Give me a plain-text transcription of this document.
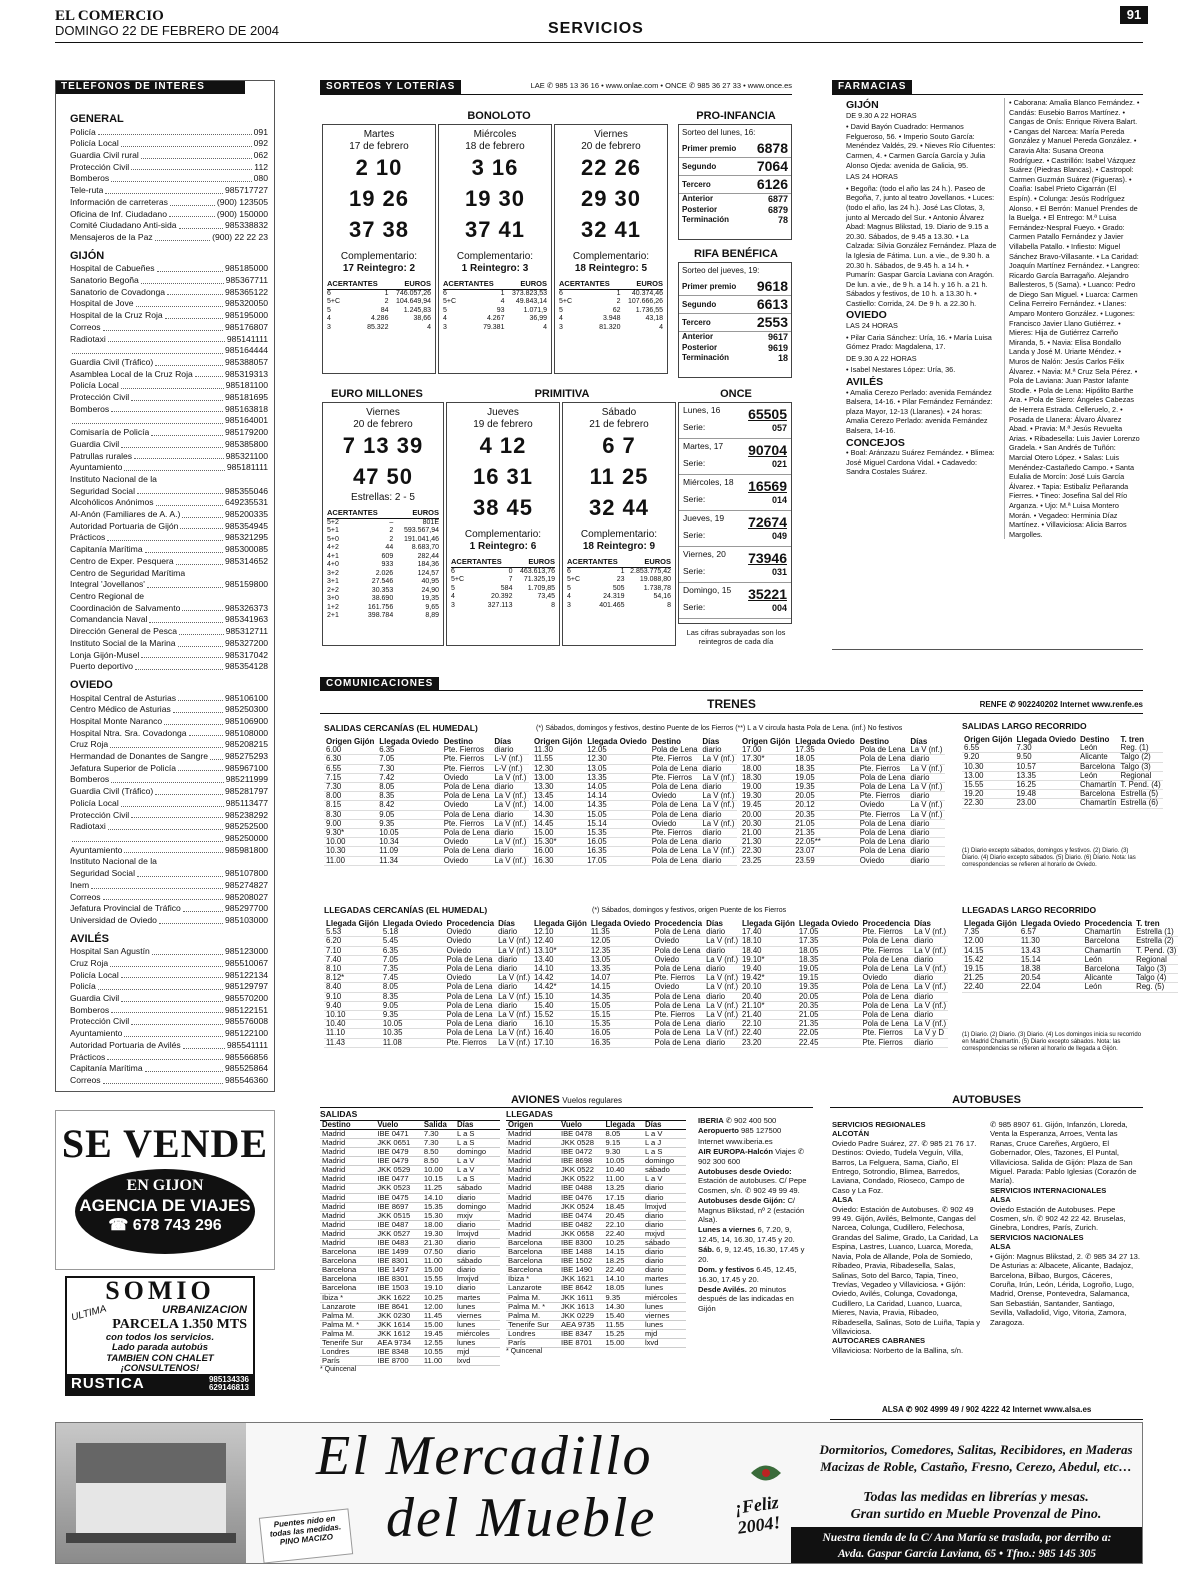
EL COMERCIO
DOMINGO 22 DE FEBRERO DE 2004	SERVICIOS
91
TELÉFONOS DE INTERÉS
GENERAL
Policía	091
Policía Local	092
Guardia Civil rural	062
Protección Civil	112
Bomberos	080
Tele-ruta	985717727
Información de carreteras	(900) 123505
Oficina de Inf. Ciudadano	(900) 150000
Comité Ciudadano Anti-sida	985338832
Mensajeros de la Paz	(900) 22 22 23
GIJÓN
Hospital de Cabueñes	985185000
Sanatorio Begoña	985367711
Sanatorio de Covadonga	985365122
Hospital de Jove	985320050
Hospital de la Cruz Roja	985195000
Correos	985176807
Radiotaxi	985141111
985164444
Guardia Civil (Tráfico)	985388057
Asamblea Local de la Cruz Roja	985319313
Policía Local	985181100
Protección Civil	985181695
Bomberos	985163818
985164001
Comisaría de Policía	985179200
Guardia Civil	985385800
Patrullas rurales	985321100
Ayuntamiento	985181111
Instituto Nacional de la
Seguridad Social	985355046
Alcohólicos Anónimos	649235531
Al-Anón (Familiares de A. A.)	985200335
Autoridad Portuaria de Gijón	985354945
Prácticos	985321295
Capitanía Marítima	985300085
Centro de Exper. Pesquera	985314652
Centro de Seguridad Marítima
Integral 'Jovellanos'	985159800
Centro Regional de
Coordinación de Salvamento	985326373
Comandancia Naval	985341963
Dirección General de Pesca	985312711
Instituto Social de la Marina	985327200
Lonja Gijón-Musel	985317042
Puerto deportivo	985354128
OVIEDO
Hospital Central de Asturias	985106100
Centro Médico de Asturias	985250300
Hospital Monte Naranco	985106900
Hospital Ntra. Sra. Covadonga	985108000
Cruz Roja	985208215
Hermandad de Donantes de Sangre 985275293
Jefatura Superior de Policía	985967100
Bomberos	985211999
Guardia Civil (Tráfico)	985281797
Policía Local	985113477
Protección Civil	985238292
Radiotaxi	985252500
985250000
Ayuntamiento	985981800
Instituto Nacional de la
Seguridad Social	985107800
Inem	985274827
Correos	985208027
Jefatura Provincial de Tráfico	985297700
Universidad de Oviedo	985103000
AVILÉS
Hospital San Agustín	985123000
Cruz Roja	985510067
Policía Local	985122134
Policía	985129797
Guardia Civil	985570200
Bomberos	985122151
Protección Civil	985576008
Ayuntamiento	985122100
Autoridad Portuaria de Avilés	985541111
Prácticos	985566856
Capitanía Marítima	985525864
Correos	985546360
SORTEOS Y LOTERÍAS	LAE ✆ 985 13 36 16 • www.onlae.com • ONCE ✆ 985 36 27 33 • www.once.es
BONOLOTO
Martes
17 de febrero
2 10
19 26
37 38
Complementario:
17 Reintegro: 2
ACERTANTES		EUROS
6	1	746.057,26
5+C	2	104.649,94
5	84	1.245,83
4	4.286	38,66
3	85.322	4
Miércoles
18 de febrero
3 16
19 30
37 41
Complementario:
1 Reintegro: 3
ACERTANTES		EUROS
6	1	373.823,53
5+C	4	49.843,14
5	93	1.071,9
4	4.267	36,99
3	79.381	4
Viernes
20 de febrero
22 26
29 30
32 41
Complementario:
18 Reintegro: 5
ACERTANTES		EUROS
6	1	40.374,46
5+C	2	107.666,26
5	62	1.736,55
4	3.948	43,18
3	81.320	4
PRO-INFANCIA
Sorteo del lunes, 16:
Primer premio 6878
Segundo	7064
Tercero	6126
Anterior	6877
Posterior	6879
Terminación	78
RIFA BENÉFICA
Sorteo del jueves, 19:
Primer premio 9618
Segundo	6613
Tercero	2553
Anterior	9617
Posterior	9619
Terminación	18
EURO MILLONES
Viernes
20 de febrero
7 13 39
47 50
Estrellas: 2 - 5
ACERTANTES		EUROS
5+2	–	801E
5+1	2	593.567,94
5+0	2	191.041,46
4+2	44	8.683,70
4+1	609	282,44
4+0	933	184,36
3+2	2.026	124,57
3+1	27.546	40,95
2+2	30.353	24,90
3+0	38.690	19,35
1+2	161.756	9,65
2+1	398.784	8,89
PRIMITIVA
Jueves
19 de febrero
4 12
16 31
38 45
Complementario:
1 Reintegro: 6
ACERTANTES		EUROS
6	0	463.613,76
5+C	7	71.325,19
5	584	1.709,85
4	20.392	73,45
3	327.113	8
Sábado
21 de febrero
6 7
11 25
32 44
Complementario:
18 Reintegro: 9
ACERTANTES		EUROS
6	1	2.853.775,42
5+C	23	19.088,80
5	505	1.738,78
4	24.319	54,16
3	401.465	8
ONCE
Lunes, 16 65505
Serie:	057
Martes, 17 90704
Serie:	021
Miércoles, 18 16569
Serie:	014
Jueves, 19 72674
Serie:	049
Viernes, 20 73946
Serie:	031
Domingo, 15 35221
Serie:	004
Las cifras subrayadas son los reintegros de cada día
FARMACIAS
GIJÓN
DE 9.30 A 22 HORAS
• David Bayón Cuadrado: Hermanos Felgueroso, 56. • Imperio Souto García: Menéndez Valdés, 29. • Nieves Río Cifuentes: Carmen, 4. • Carmen García García y Julia Alonso Ojeda: avenida de Galicia, 95.
LAS 24 HORAS
• Begoña: (todo el año las 24 h.). Paseo de Begoña, 7, junto al teatro Jovellanos. • Luces: (todo el año, las 24 h.). José Las Clotas, 3, junto al Mercado del Sur. • Antonio Álvarez Abad: Magnus Blikstad, 19. Diario de 9.15 a 20.30. Sábados, de 9.45 a 13.30. • La Calzada: Silvia González Fernández. Plaza de la Iglesia de Fátima. Lun. a vie., de 9.30 h. a 20.30 h. Sábados, de 9.45 h. a 14 h. • Pumarín: Gaspar García Laviana con Aragón. De lun. a vie., de 9 h. a 14 h. y 16 h. a 21 h. Sábados y festivos, de 10 h. a 13.30 h. • Castiello: Corrida, 24. De 9 h. a 22.30 h.
OVIEDO
LAS 24 HORAS
• Pilar Caria Sánchez: Uría, 16. • María Luisa Gómez Prado: Magdalena, 17.
DE 9.30 A 22 HORAS
• Isabel Nestares López: Uría, 36.
AVILÉS
• Amalia Cerezo Perlado: avenida Fernández Balsera, 14-16. • Pilar Fernández Fernández: plaza Mayor, 12-13 (Llaranes). • 24 horas: Amalia Cerezo Perlado: avenida Fernández Balsera, 14-16.
CONCEJOS
• Boal: Aránzazu Suárez Fernández. • Blimea: José Miguel Cardona Vidal. • Cadavedo: Sandra Costales Suárez.
• Caborana: Amalia Blanco Fernández. • Candás: Eusebio Barros Martínez. • Cangas de Onís: Enrique Rivera Balart. • Cangas del Narcea: María Pereda González y Manuel Pereda González. • Caravia Alta: Susana Oreona Rodríguez. • Castrillón: Isabel Vázquez Suárez (Piedras Blancas). • Castropol: Carmen Guzmán Suárez (Figueras). • Coaña: Isabel Prieto Cigarrán (El Espín). • Colunga: Jesús Rodríguez Alonso. • El Berrón: Manuel Prendes de la Buelga. • El Entrego: M.ª Luisa Fernández-Nespral Fueyo. • Grado: Carmen Patallo Fernández y Javier Villabella Patallo. • Infiesto: Miguel Sánchez Bravo-Villasante. • La Caridad: Joaquín Martínez Fernández. • Langreo: Ricardo García Barragaño. Alejandro Ballesteros, 5 (Sama). • Luanco: Pedro de Diego San Miguel. • Luarca: Carmen Celina Ferreiro Fernández. • Llanes: Amparo Montero González. • Lugones: Francisco Javier Llano Gutiérrez. • Mieres: Hija de Gutiérrez Carreño Miranda, 5. • Navia: Elisa Bondallo Landa y José M. Uriarte Méndez. • Muros de Nalón: Jesús Carlos Félix Álvarez. • Navia: M.ª Cruz Sela Pérez. • Pola de Laviana: Juan Pastor Iafante Stodle. • Pola de Lena: Hipólito Barthe Ara. • Pola de Siero: Ángeles Cabezas de Herrera Estrada. Celleruelo, 2. • Posada de Llanera: Álvaro Álvarez Abad. • Pravia: M.ª Jesús Revuelta Arias. • Ribadesella: Luis Javier Lorenzo Gradela. • San Andrés de Tuñón: Marcial Otero López. • Salas: Luis Menéndez-Castañedo Campo. • Santa Eulalia de Morcín: José Luis García Álvarez. • Tapia: Estibaliz Peñaranda Fierres. • Tineo: Josefina Sal del Río Arganza. • Ujo: M.ª Luisa Montero Morán. • Vegadeo: Herminia Díaz Martínez. • Villaviciosa: Alicia Barros Margolles.
COMUNICACIONES
TRENES	RENFE ✆ 902240202 Internet www.renfe.es
SALIDAS CERCANÍAS (EL HUMEDAL)	(*) Sábados, domingos y festivos, destino Puente de los Fierros (**) L a V circula hasta Pola de Lena. (inf.) No festivos
Origen Gijón	Llegada Oviedo	Destino	Días
6.00	6.35	Pte. Fierros	diario
6.30	7.05	Pte. Fierros	L-V (nf.)
6.55	7.30	Pte. Fierros	L-V (nf.)
7.15	7.42	Oviedo	La V (nf.)
7.30	8.05	Pola de Lena	diario
8.00	8.35	Pola de Lena	La V (nf.)
8.15	8.42	Oviedo	La V (nf.)
8.30	9.05	Pola de Lena	diario
9.00	9.35	Pte. Fierros	La V (nf.)
9.30*	10.05	Pola de Lena	diario
10.00	10.34	Oviedo	La V (nf.)
10.30	11.09	Pola de Lena	diario
11.00	11.34	Oviedo	La V (nf.)
Origen Gijón	Llegada Oviedo	Destino	Días
11.30	12.05	Pola de Lena	diario
11.55	12.30	Pte. Fierros	La V (nf.)
12.30	13.05	Pola de Lena	diario
13.00	13.35	Pte. Fierros	La V (nf.)
13.30	14.05	Pola de Lena	diario
13.45	14.14	Oviedo	La V (nf.)
14.00	14.35	Pola de Lena	La V (nf.)
14.30	15.05	Pola de Lena	diario
14.45	15.14	Oviedo	La V (nf.)
15.00	15.35	Pte. Fierros	diario
15.30*	16.05	Pola de Lena	diario
16.00	16.35	Pola de Lena	La V (nf.)
16.30	17.05	Pola de Lena	diario
Origen Gijón	Llegada Oviedo	Destino	Días
17.00	17.35	Pola de Lena	La V (nf.)
17.30*	18.05	Pola de Lena	diario
18.00	18.35	Pte. Fierros	La V (nf.)
18.30	19.05	Pola de Lena	diario
19.00	19.35	Pola de Lena	La V (nf.)
19.30	20.05	Pte. Fierros	diario
19.45	20.12	Oviedo	La V (nf.)
20.00	20.35	Pte. Fierros	La V (nf.)
20.30	21.05	Pola de Lena	diario
21.00	21.35	Pola de Lena	diario
21.30	22.05**	Pola de Lena	diario
22.30	23.07	Pola de Lena	diario
23.25	23.59	Oviedo	diario
LLEGADAS CERCANÍAS (EL HUMEDAL)	(*) Sábados, domingos y festivos, origen Puente de los Fierros
Llegada Gijón	Llegada Oviedo	Procedencia	Días
5.53	5.18	Oviedo	diario
6.20	5.45	Oviedo	La V (nf.)
7.10	6.35	Oviedo	La V (nf.)
7.40	7.05	Pola de Lena	diario
8.10	7.35	Pola de Lena	diario
8.12*	7.45	Oviedo	La V (nf.)
8.40	8.05	Pola de Lena	diario
9.10	8.35	Pola de Lena	La V (nf.)
9.40	9.05	Pola de Lena	diario
10.10	9.35	Pola de Lena	La V (nf.)
10.40	10.05	Pola de Lena	diario
11.10	10.35	Pola de Lena	La V (nf.)
11.43	11.08	Pte. Fierros	La V (nf.)
Llegada Gijón	Llegada Oviedo	Procedencia	Días
12.10	11.35	Pola de Lena	diario
12.40	12.05	Oviedo	La V (nf.)
13.10*	12.35	Pola de Lena	diario
13.40	13.05	Oviedo	La V (nf.)
14.10	13.35	Pola de Lena	diario
14.42	14.07	Pte. Fierros	La V (nf.)
14.42*	14.15	Oviedo	La V (nf.)
15.10	14.35	Pola de Lena	diario
15.40	15.05	Pola de Lena	La V (nf.)
15.52	15.15	Pte. Fierros	La V (nf.)
16.10	15.35	Pola de Lena	diario
16.40	16.05	Pola de Lena	La V (nf.)
17.10	16.35	Pola de Lena	diario
Llegada Gijón	Llegada Oviedo	Procedencia	Días
17.40	17.05	Pte. Fierros	La V (nf.)
18.10	17.35	Pola de Lena	diario
18.40	18.05	Pte. Fierros	La V (nf.)
19.10*	18.35	Pola de Lena	diario
19.40	19.05	Pola de Lena	La V (nf.)
19.42*	19.15	Oviedo	diario
20.10	19.35	Pola de Lena	La V (nf.)
20.40	20.05	Pola de Lena	diario
21.10*	20.35	Pola de Lena	La V (nf.)
21.40	21.05	Pola de Lena	diario
22.10	21.35	Pola de Lena	La V (nf.)
22.40	22.05	Pte. Fierros	La V y D
23.20	22.45	Pte. Fierros	diario
SALIDAS LARGO RECORRIDO
Origen Gijón	Llegada Oviedo	Destino	T. tren
6.55	7.30	León	Reg. (1)
9.20	9.50	Alicante	Talgo (2)
10.30	10.57	Barcelona	Talgo (3)
13.00	13.35	León	Regional
15.55	16.25	Chamartín	T. Pend. (4)
19.20	19.48	Barcelona	Estrella (5)
22.30	23.00	Chamartín	Estrella (6)
(1) Diario excepto sábados, domingos y festivos. (2) Diario. (3) Diario. (4) Diario excepto sábados. (5) Diario. (6) Diario. Nota: las correspondencias se refieren al horario de Oviedo.
LLEGADAS LARGO RECORRIDO
Llegada Gijón	Llegada Oviedo	Procedencia	T. tren
7.35	6.57	Chamartín	Estrella (1)
12.00	11.30	Barcelona	Estrella (2)
14.15	13.43	Chamartín	T. Pend. (3)
15.42	15.14	León	Regional
19.15	18.38	Barcelona	Talgo (3)
21.25	20.54	Alicante	Talgo (4)
22.40	22.04	León	Reg. (5)
(1) Diario. (2) Diario. (3) Diario. (4) Los domingos inicia su recorrido en Madrid Chamartín. (5) Diario excepto sábados. Nota: las correspondencias se refieren al horario de llegada a Gijón.
AVIONES Vuelos regulares
SALIDAS
Destino	Vuelo	Salida	Días
Madrid	IBE 0471	7.30	L a S
Madrid	JKK 0651	7.30	L a S
Madrid	IBE 0479	8.50	domingo
Madrid	IBE 0479	8.50	L a V
Madrid	JKK 0529	10.00	L a V
Madrid	IBE 0477	10.15	L a S
Madrid	JKK 0523	11.25	sábado
Madrid	IBE 0475	14.10	diario
Madrid	IBE 8697	15.35	domingo
Madrid	JKK 0515	15.30	mxjv
Madrid	IBE 0487	18.00	diario
Madrid	JKK 0527	19.30	lmxjvd
Madrid	IBE 0483	21.30	diario
Barcelona	IBE 1499	07.50	diario
Barcelona	IBE 8301	11.00	sábado
Barcelona	IBE 1497	15.00	diario
Barcelona	IBE 8301	15.55	lmxjvd
Barcelona	IBE 1503	19.10	diario
Ibiza *	JKK 1622	10.25	martes
Lanzarote	IBE 8641	12.00	lunes
Palma M.	JKK 0230	11.45	viernes
Palma M. *	JKK 1614	15.00	lunes
Palma M.	JKK 1612	19.45	miércoles
Tenerife Sur	AEA 9734	12.55	lunes
Londres	IBE 8348	10.55	mjd
París	IBE 8700	11.00	lxvd
* Quincenal
LLEGADAS
Origen	Vuelo	Llegada	Días
Madrid	IBE 0478	8.05	L a V
Madrid	JKK 0528	9.15	L a J
Madrid	IBE 0472	9.30	L a S
Madrid	IBE 8698	10.05	domingo
Madrid	JKK 0522	10.40	sábado
Madrid	JKK 0522	11.00	L a V
Madrid	IBE 0488	13.25	diario
Madrid	IBE 0476	17.15	diario
Madrid	JKK 0524	18.45	lmxjvd
Madrid	IBE 0474	20.45	diario
Madrid	IBE 0482	22.10	diario
Madrid	JKK 0658	22.40	mxjvd
Barcelona	IBE 8300	10.25	sábado
Barcelona	IBE 1488	14.15	diario
Barcelona	IBE 1502	18.25	diario
Barcelona	IBE 1490	22.40	diario
Ibiza *	JKK 1621	14.10	martes
Lanzarote	IBE 8642	18.05	lunes
Palma M.	JKK 1611	9.35	miércoles
Palma M. *	JKK 1613	14.30	lunes
Palma M.	JKK 0229	15.40	viernes
Tenerife Sur	AEA 9735	11.55	lunes
Londres	IBE 8347	15.25	mjd
París	IBE 8701	15.00	lxvd
* Quincenal
IBERIA ✆ 902 400 500
Aeropuerto 985 127500
Internet www.iberia.es
AIR EUROPA-Halcón Viajes ✆ 902 300 600
Autobuses desde Oviedo: Estación de autobuses. C/ Pepe Cosmen, s/n. ✆ 902 49 99 49.
Autobuses desde Gijón: C/ Magnus Blikstad, nº 2 (estación Alsa).
Lunes a viernes 6, 7.20, 9, 12.45, 14, 16.30, 17.45 y 20.
Sáb. 6, 9, 12.45, 16.30, 17.45 y 20.
Dom. y festivos 6.45, 12.45, 16.30, 17.45 y 20.
Desde Avilés. 20 minutos después de las indicadas en Gijón
AUTOBUSES
SERVICIOS REGIONALES
ALCOTÁN
Oviedo Padre Suárez, 27. ✆ 985 21 76 17. Destinos: Oviedo, Tudela Veguín, Villa, Barros, La Felguera, Sama, Ciaño, El Entrego, Sotrondio, Blimea, Barredos, Laviana, Condado, Rioseco, Campo de Caso y La Foz.
ALSA
Oviedo: Estación de Autobuses. ✆ 902 49 99 49. Gijón, Avilés, Belmonte, Cangas del Narcea, Colunga, Cudillero, Felechosa, Grandas del Salime, Grado, La Caridad, La Espina, Lastres, Luanco, Luarca, Moreda, Navia, Pola de Allande, Pola de Somiedo, Ribadeo, Pravia, Ribadesella, Salas, Salinas, Soto del Barco, Tapia, Tineo, Trevías, Vegadeo y Villaviciosa. • Gijón: Oviedo, Avilés, Colunga, Covadonga, Cudillero, La Caridad, Luanco, Luarca, Mieres, Navia, Pravia, Ribadeo, Ribadesella, Salinas, Soto de Luiña, Tapia y Villaviciosa.
AUTOCARES CABRANES
Villaviciosa: Norberto de la Ballina, s/n.
✆ 985 8907 61. Gijón, Infanzón, Lloreda, Venta la Esperanza, Arroes, Venta las Ranas, Cruce Careñes, Argüero, El Gobernador, Oles, Tazones, El Puntal, Villaviciosa. Salida de Gijón: Plaza de San Miguel. Parada: Pablo Iglesias (Corazón de María).
SERVICIOS INTERNACIONALES
ALSA
Oviedo Estación de Autobuses. Pepe Cosmen, s/n. ✆ 902 42 22 42. Bruselas, Ginebra, Londres, París, Zurich.
SERVICIOS NACIONALES
ALSA
• Gijón: Magnus Blikstad, 2. ✆ 985 34 27 13. De Asturias a: Albacete, Alicante, Badajoz, Barcelona, Bilbao, Burgos, Cáceres, Coruña, Irún, León, Lérida, Logroño, Lugo, Madrid, Orense, Pontevedra, Salamanca, San Sebastián, Santander, Santiago, Sevilla, Valladolid, Vigo, Vitoria, Zamora, Zaragoza.
ALSA ✆ 902 4999 49 / 902 4222 42 Internet www.alsa.es
SE VENDE
EN GIJON
AGENCIA DE VIAJES
☎ 678 743 296
SOMIO
URBANIZACION
ULTIMA
PARCELA 1.350 MTS
con todos los servicios.
Lado parada autobús
TAMBIEN CON CHALET
¡CONSULTENOS!
RUSTICA	985134336
629146813
Puentes nido en todas las medidas. PINO MACIZO
El Mercadillo
del Mueble	¡Feliz 2004!
Dormitorios, Comedores, Salitas, Recibidores, en Maderas
Macizas de Roble, Castaño, Fresno, Cerezo, Abedul, etc…
Todas las medidas en librerías y mesas.
Gran surtido en Mueble Provenzal de Pino.
Nuestra tienda de la C/ Ana María se traslada, por derribo a:
Avda. Gaspar García Laviana, 65 • Tfno.: 985 145 305
